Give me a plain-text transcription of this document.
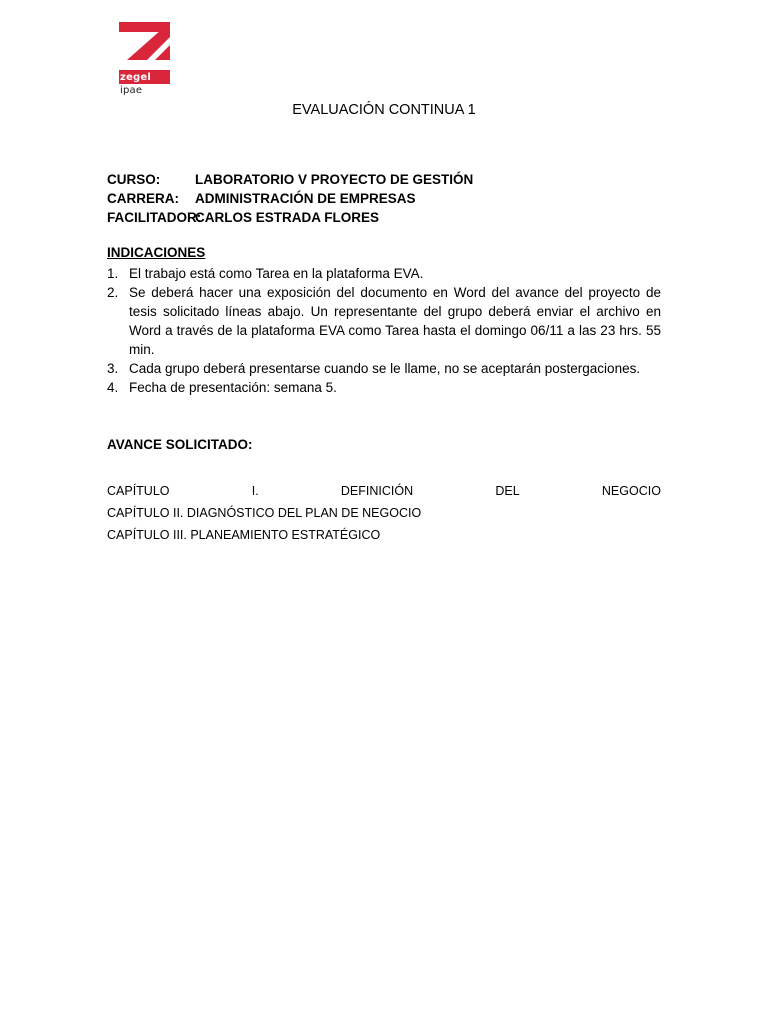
zegel
ipae
EVALUACIÓN CONTINUA 1
CURSO:	LABORATORIO V PROYECTO DE GESTIÓN
CARRERA:	ADMINISTRACIÓN DE EMPRESAS
FACILITADOR:
CARLOS ESTRADA FLORES
INDICACIONES
1. El trabajo está como Tarea en la plataforma EVA.
2. Se deberá hacer una exposición del documento en Word del avance del proyecto de tesis solicitado líneas abajo. Un representante del grupo deberá enviar el archivo en Word a través de la plataforma EVA como Tarea hasta el domingo 06/11 a las 23 hrs. 55 min.
3. Cada grupo deberá presentarse cuando se le llame, no se aceptarán postergaciones.
4. Fecha de presentación: semana 5.
AVANCE SOLICITADO:
CAPÍTULO	I.	DEFINICIÓN	DEL	NEGOCIO
CAPÍTULO II. DIAGNÓSTICO DEL PLAN DE NEGOCIO
CAPÍTULO III. PLANEAMIENTO ESTRATÉGICO
